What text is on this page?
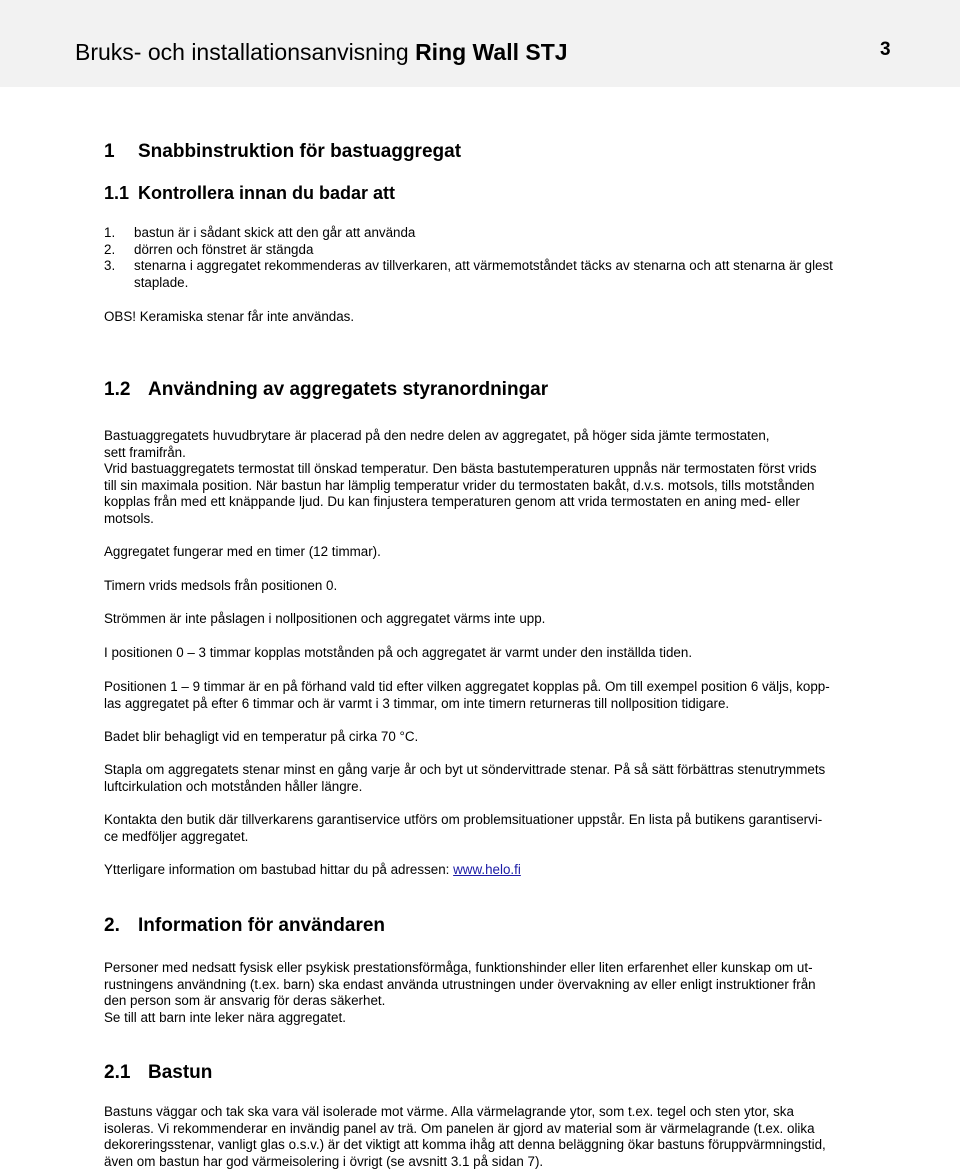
Bruks- och installationsanvisning Ring Wall STJ	3
1 Snabbinstruktion för bastuaggregat
1.1 Kontrollera innan du badar att
1. bastun är i sådant skick att den går att använda
2. dörren och fönstret är stängda
3. stenarna i aggregatet rekommenderas av tillverkaren, att värmemotståndet täcks av stenarna och att stenarna är glest
staplade.

OBS! Keramiska stenar får inte användas.

1.2 Användning av aggregatets styranordningar
Bastuaggregatets huvudbrytare är placerad på den nedre delen av aggregatet, på höger sida jämte termostaten,
sett framifrån.
Vrid bastuaggregatets termostat till önskad temperatur. Den bästa bastutemperaturen uppnås när termostaten först vrids
till sin maximala position. När bastun har lämplig temperatur vrider du termostaten bakåt, d.v.s. motsols, tills motstånden
kopplas från med ett knäppande ljud. Du kan finjustera temperaturen genom att vrida termostaten en aning med- eller
motsols.
Aggregatet fungerar med en timer (12 timmar).
Timern vrids medsols från positionen 0.
Strömmen är inte påslagen i nollpositionen och aggregatet värms inte upp.
I positionen 0 – 3 timmar kopplas motstånden på och aggregatet är varmt under den inställda tiden.
Positionen 1 – 9 timmar är en på förhand vald tid efter vilken aggregatet kopplas på. Om till exempel position 6 väljs, kopp-
las aggregatet på efter 6 timmar och är varmt i 3 timmar, om inte timern returneras till nollposition tidigare.
Badet blir behagligt vid en temperatur på cirka 70 °C.
Stapla om aggregatets stenar minst en gång varje år och byt ut söndervittrade stenar. På så sätt förbättras stenutrymmets
luftcirkulation och motstånden håller längre.
Kontakta den butik där tillverkarens garantiservice utförs om problemsituationer uppstår. En lista på butikens garantiservi-
ce medföljer aggregatet.
Ytterligare information om bastubad hittar du på adressen: www.helo.fi
2. Information för användaren
Personer med nedsatt fysisk eller psykisk prestationsförmåga, funktionshinder eller liten erfarenhet eller kunskap om ut-
rustningens användning (t.ex. barn) ska endast använda utrustningen under övervakning av eller enligt instruktioner från
den person som är ansvarig för deras säkerhet.
Se till att barn inte leker nära aggregatet.
2.1 Bastun
Bastuns väggar och tak ska vara väl isolerade mot värme. Alla värmelagrande ytor, som t.ex. tegel och sten ytor, ska
isoleras. Vi rekommenderar en invändig panel av trä. Om panelen är gjord av material som är värmelagrande (t.ex. olika
dekoreringsstenar, vanligt glas o.s.v.) är det viktigt att komma ihåg att denna beläggning ökar bastuns föruppvärmningstid,
även om bastun har god värmeisolering i övrigt (se avsnitt 3.1 på sidan 7).
